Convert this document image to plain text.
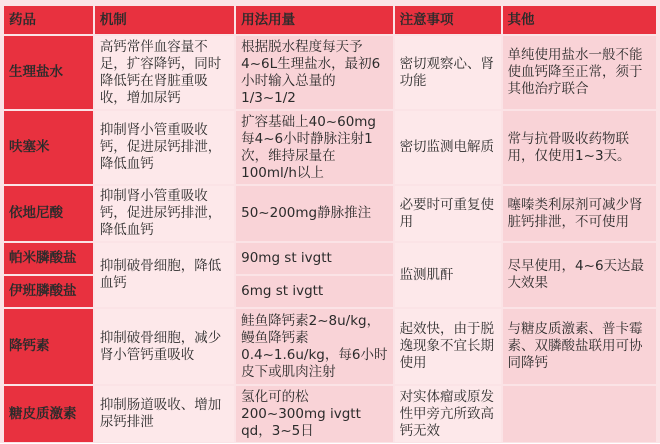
药品	机制	用法用量	注意事项	其他
生理盐水	高钙常伴血容量不足，扩容降钙，同时降低钙在肾脏重吸收，增加尿钙	根据脱水程度每天予4~6L生理盐水，最初6小时输入总量的1/3~1/2	密切观察心、肾功能	单纯使用盐水一般不能使血钙降至正常，须于其他治疗联合
呋塞米	抑制肾小管重吸收钙，促进尿钙排泄，降低血钙	扩容基础上40~60mg每4~6小时静脉注射1次，维持尿量在100ml/h以上	密切监测电解质	常与抗骨吸收药物联用，仅使用1~3天。
依地尼酸	抑制肾小管重吸收钙，促进尿钙排泄，降低血钙	50~200mg静脉推注	必要时可重复使用	噻嗪类利尿剂可减少肾脏钙排泄，不可使用
帕米膦酸盐	抑制破骨细胞，降低血钙	90mg st ivgtt	监测肌酐	尽早使用，4~6天达最大效果
伊班膦酸盐		6mg st ivgtt		
降钙素	抑制破骨细胞，减少肾小管钙重吸收	鲑鱼降钙素2~8u/kg，鳗鱼降钙素0.4~1.6u/kg，每6小时皮下或肌肉注射	起效快，由于脱逸现象不宜长期使用	与糖皮质激素、普卡霉素、双膦酸盐联用可协同降钙
糖皮质激素	抑制肠道吸收、增加尿钙排泄	氢化可的松200~300mg ivgtt qd，3~5日	对实体瘤或原发性甲旁亢所致高钙无效	
